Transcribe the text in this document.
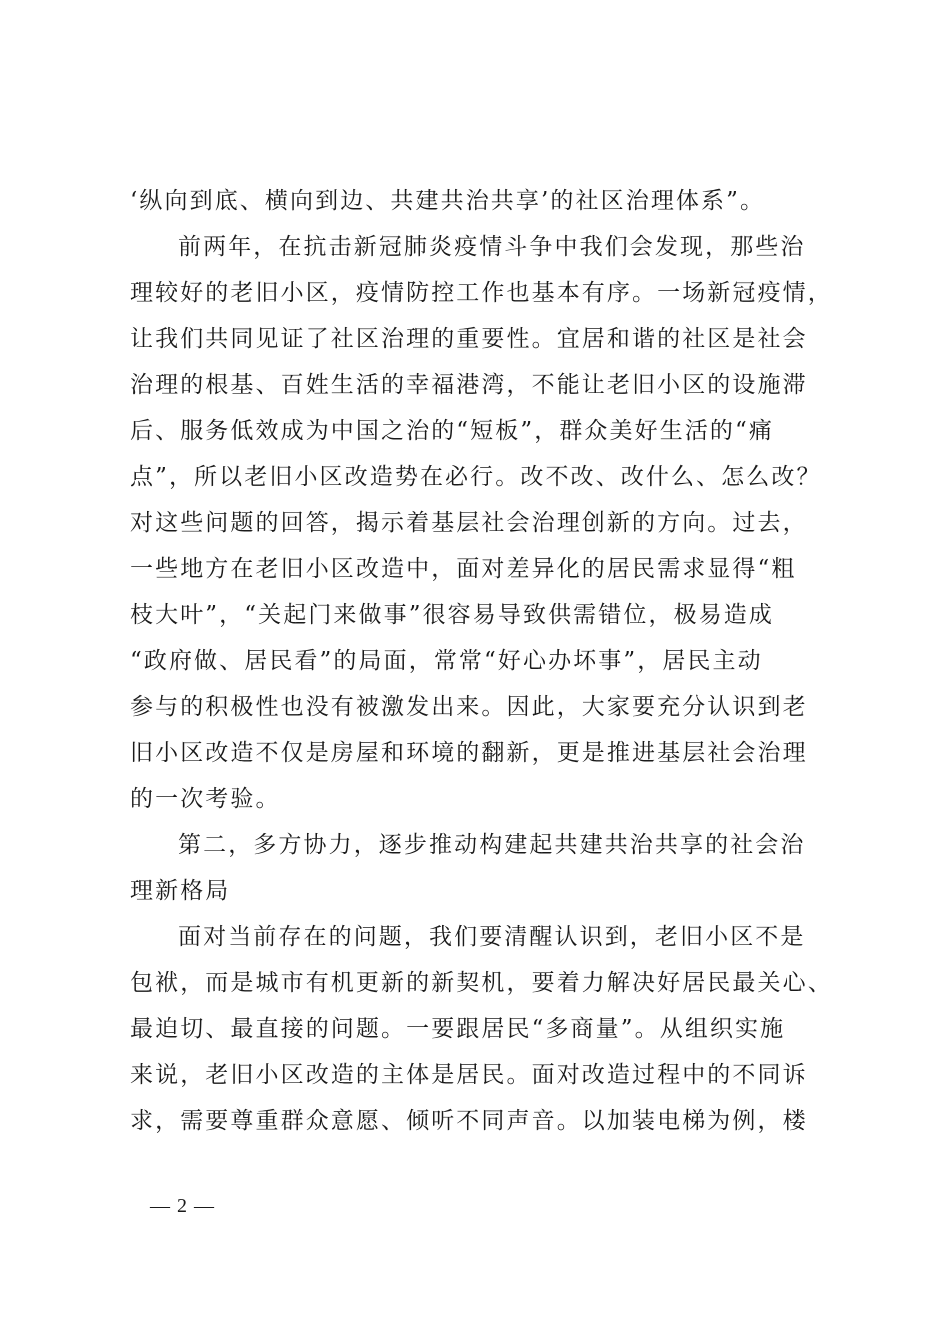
‘纵向到底、横向到边、共建共治共享’的社区治理体系”。
前两年，在抗击新冠肺炎疫情斗争中我们会发现，那些治
理较好的老旧小区，疫情防控工作也基本有序。一场新冠疫情，
让我们共同见证了社区治理的重要性。宜居和谐的社区是社会
治理的根基、百姓生活的幸福港湾，不能让老旧小区的设施滞
后、服务低效成为中国之治的“短板”，群众美好生活的“痛
点”，所以老旧小区改造势在必行。改不改、改什么、怎么改？
对这些问题的回答，揭示着基层社会治理创新的方向。过去，
一些地方在老旧小区改造中，面对差异化的居民需求显得“粗
枝大叶”，“关起门来做事”很容易导致供需错位，极易造成
“政府做、居民看”的局面，常常“好心办坏事”，居民主动
参与的积极性也没有被激发出来。因此，大家要充分认识到老
旧小区改造不仅是房屋和环境的翻新，更是推进基层社会治理
的一次考验。
第二，多方协力，逐步推动构建起共建共治共享的社会治
理新格局
面对当前存在的问题，我们要清醒认识到，老旧小区不是
包袱，而是城市有机更新的新契机，要着力解决好居民最关心、
最迫切、最直接的问题。一要跟居民“多商量”。从组织实施
来说，老旧小区改造的主体是居民。面对改造过程中的不同诉
求，需要尊重群众意愿、倾听不同声音。以加装电梯为例，楼
— 2 —
